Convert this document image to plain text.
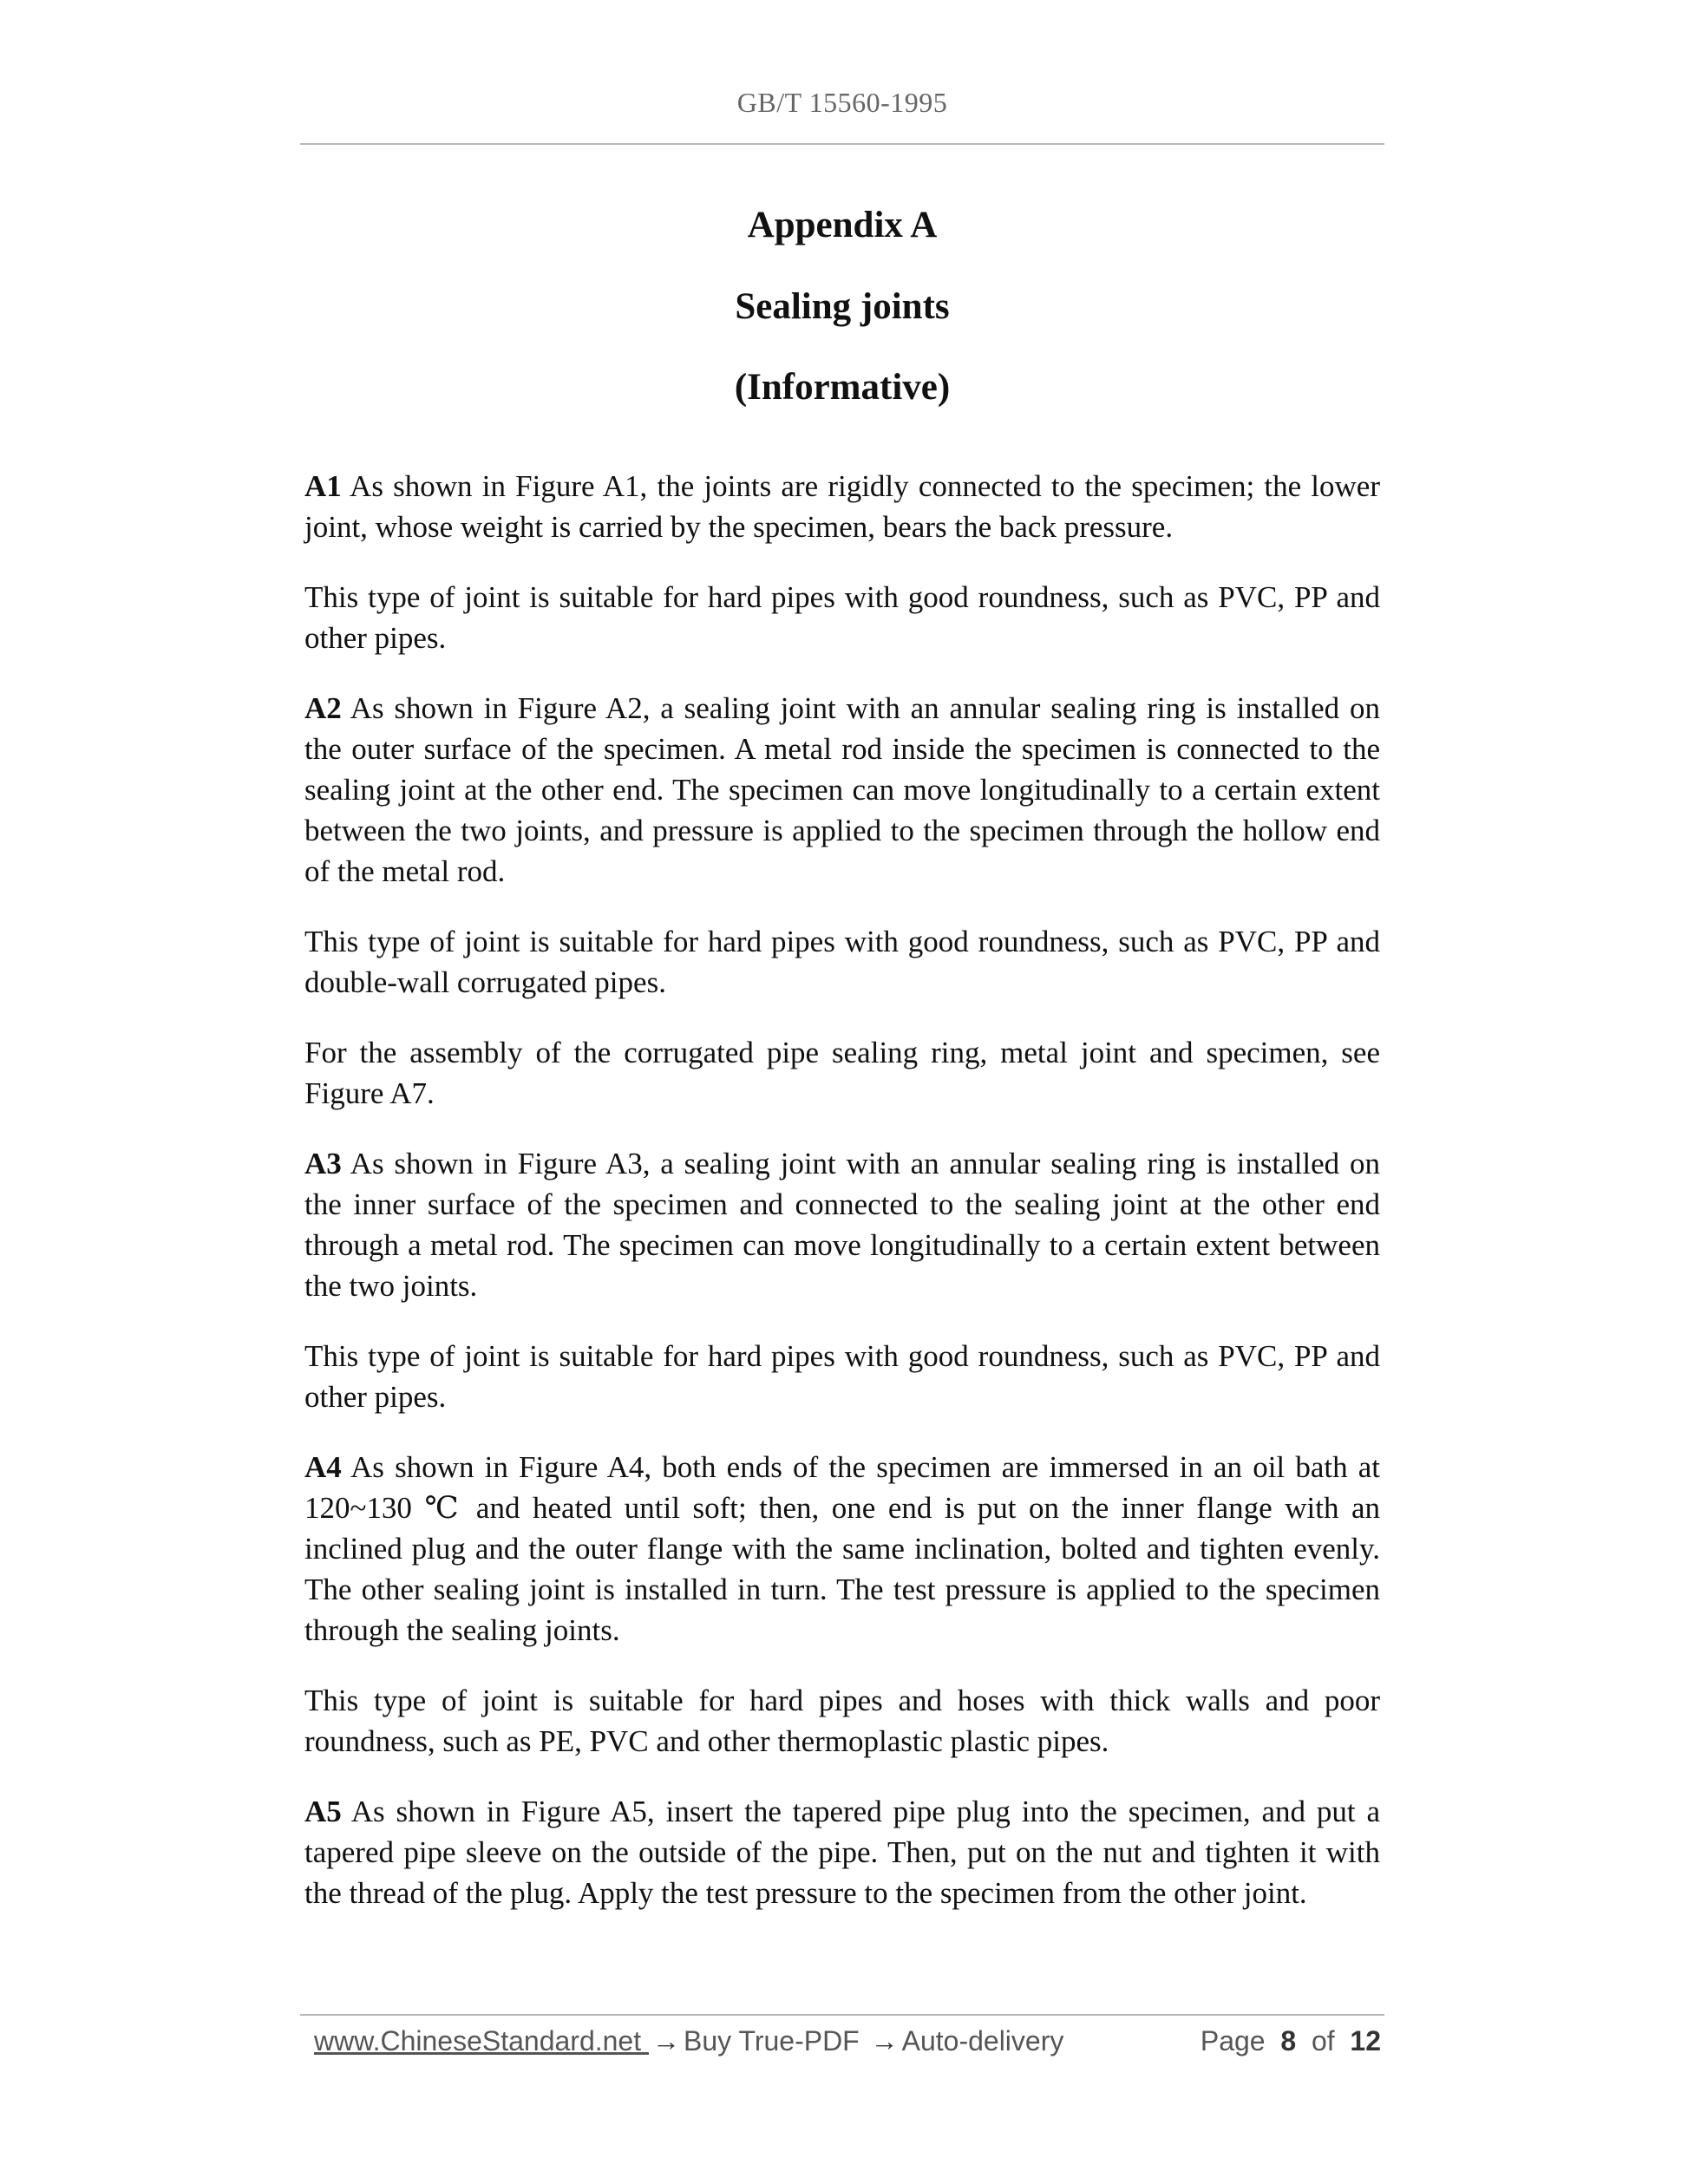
GB/T 15560-1995

Appendix A

Sealing joints

(Informative)

A1 As shown in Figure A1, the joints are rigidly connected to the specimen; the lower joint, whose weight is carried by the specimen, bears the back pressure.

This type of joint is suitable for hard pipes with good roundness, such as PVC, PP and other pipes.

A2 As shown in Figure A2, a sealing joint with an annular sealing ring is installed on the outer surface of the specimen. A metal rod inside the specimen is connected to the sealing joint at the other end. The specimen can move longitudinally to a certain extent between the two joints, and pressure is applied to the specimen through the hollow end of the metal rod.

This type of joint is suitable for hard pipes with good roundness, such as PVC, PP and double-wall corrugated pipes.

For the assembly of the corrugated pipe sealing ring, metal joint and specimen, see Figure A7.

A3 As shown in Figure A3, a sealing joint with an annular sealing ring is installed on the inner surface of the specimen and connected to the sealing joint at the other end through a metal rod. The specimen can move longitudinally to a certain extent between the two joints.

This type of joint is suitable for hard pipes with good roundness, such as PVC, PP and other pipes.

A4 As shown in Figure A4, both ends of the specimen are immersed in an oil bath at 120~130 ℃ and heated until soft; then, one end is put on the inner flange with an inclined plug and the outer flange with the same inclination, bolted and tighten evenly. The other sealing joint is installed in turn. The test pressure is applied to the specimen through the sealing joints.

This type of joint is suitable for hard pipes and hoses with thick walls and poor roundness, such as PE, PVC and other thermoplastic plastic pipes.

A5 As shown in Figure A5, insert the tapered pipe plug into the specimen, and put a tapered pipe sleeve on the outside of the pipe. Then, put on the nut and tighten it with the thread of the plug. Apply the test pressure to the specimen from the other joint.

www.ChineseStandard.net → Buy True-PDF → Auto-delivery	Page 8 of 12
